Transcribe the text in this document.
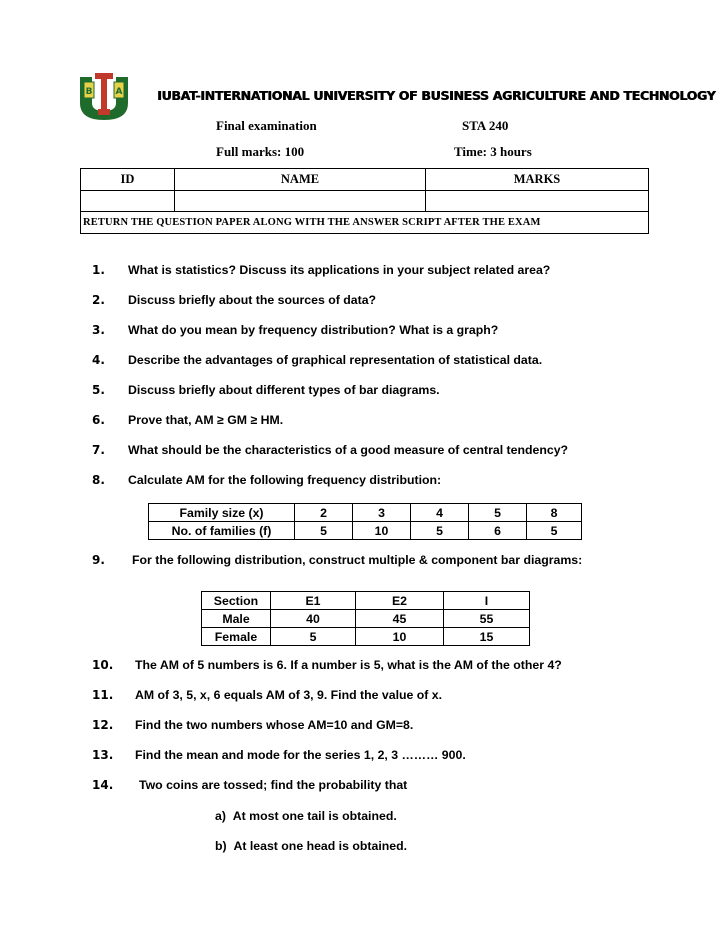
B	A	IUBAT-INTERNATIONAL UNIVERSITY OF BUSINESS AGRICULTURE AND TECHNOLOGY
Final examination	STA 240
Full marks: 100	Time: 3 hours
ID	NAME	MARKS

RETURN THE QUESTION PAPER ALONG WITH THE ANSWER SCRIPT AFTER THE EXAM		
1. What is statistics? Discuss its applications in your subject related area?
2. Discuss briefly about the sources of data?
3. What do you mean by frequency distribution? What is a graph?
4. Describe the advantages of graphical representation of statistical data.
5. Discuss briefly about different types of bar diagrams.
6. Prove that, AM ≥ GM ≥ HM.
7. What should be the characteristics of a good measure of central tendency?
8. Calculate AM for the following frequency distribution:
Family size (x)	2	3	4	5	8
No. of families (f)	5	10	5	6	5
9. For the following distribution, construct multiple & component bar diagrams:
Section	E1	E2	I
Male	40	45	55
Female	5	10	15
10. The AM of 5 numbers is 6. If a number is 5, what is the AM of the other 4?
11. AM of 3, 5, x, 6 equals AM of 3, 9. Find the value of x.
12. Find the two numbers whose AM=10 and GM=8.
13. Find the mean and mode for the series 1, 2, 3 ……… 900.
14. Two coins are tossed; find the probability that
a) At most one tail is obtained.
b) At least one head is obtained.
